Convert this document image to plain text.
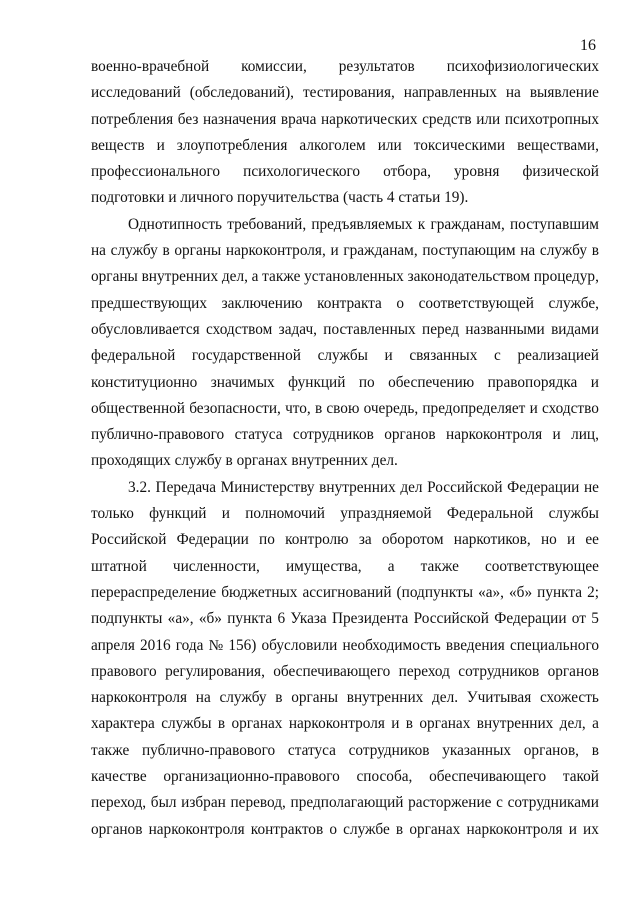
16
военно-врачебной комиссии, результатов психофизиологических
исследований (обследований), тестирования, направленных на выявление
потребления без назначения врача наркотических средств или психотропных
веществ и злоупотребления алкоголем или токсическими веществами,
профессионального психологического отбора, уровня физической
подготовки и личного поручительства (часть 4 статьи 19).
Однотипность требований, предъявляемых к гражданам, поступавшим
на службу в органы наркоконтроля, и гражданам, поступающим на службу в
органы внутренних дел, а также установленных законодательством процедур,
предшествующих заключению контракта о соответствующей службе,
обусловливается сходством задач, поставленных перед названными видами
федеральной государственной службы и связанных с реализацией
конституционно значимых функций по обеспечению правопорядка и
общественной безопасности, что, в свою очередь, предопределяет и сходство
публично-правового статуса сотрудников органов наркоконтроля и лиц,
проходящих службу в органах внутренних дел.
3.2. Передача Министерству внутренних дел Российской Федерации не
только функций и полномочий упраздняемой Федеральной службы
Российской Федерации по контролю за оборотом наркотиков, но и ее
штатной численности, имущества, а также соответствующее
перераспределение бюджетных ассигнований (подпункты «а», «б» пункта 2;
подпункты «а», «б» пункта 6 Указа Президента Российской Федерации от 5
апреля 2016 года № 156) обусловили необходимость введения специального
правового регулирования, обеспечивающего переход сотрудников органов
наркоконтроля на службу в органы внутренних дел. Учитывая схожесть
характера службы в органах наркоконтроля и в органах внутренних дел, а
также публично-правового статуса сотрудников указанных органов, в
качестве организационно-правового способа, обеспечивающего такой
переход, был избран перевод, предполагающий расторжение с сотрудниками
органов наркоконтроля контрактов о службе в органах наркоконтроля и их
